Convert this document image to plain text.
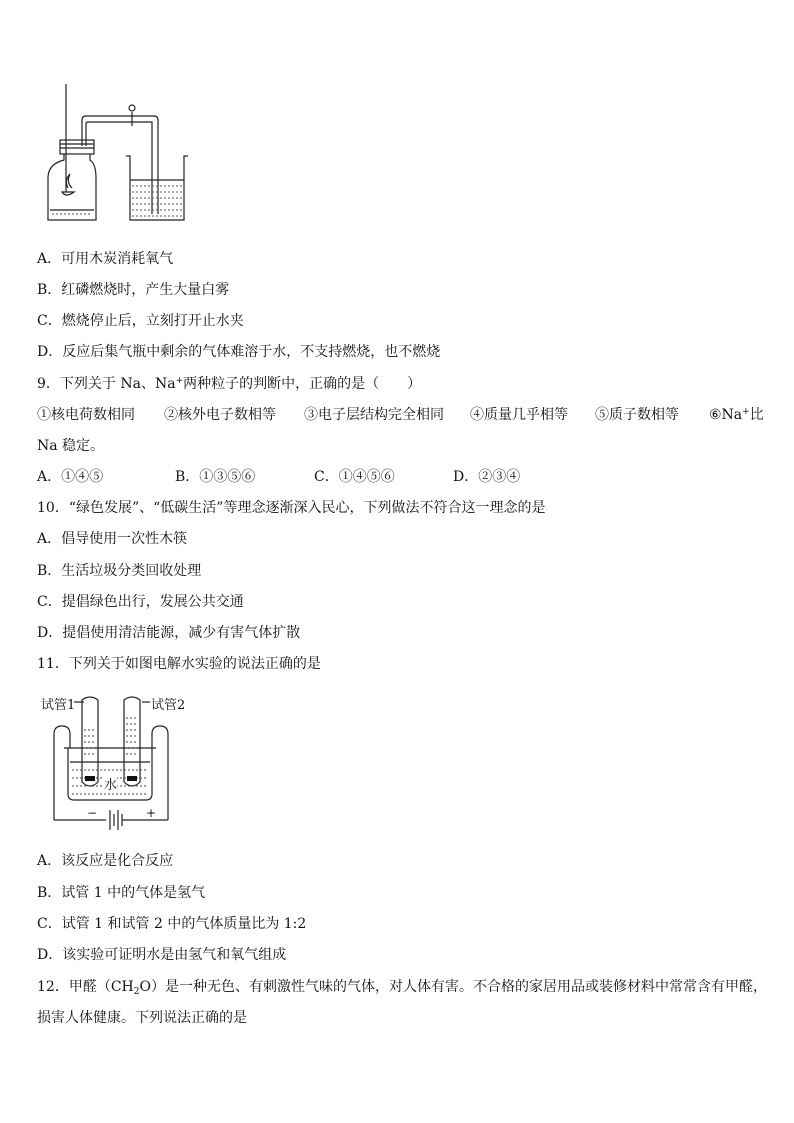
A．可用木炭消耗氧气
B．红磷燃烧时，产生大量白雾
C．燃烧停止后，立刻打开止水夹
D．反应后集气瓶中剩余的气体难溶于水，不支持燃烧，也不燃烧
9．下列关于 Na、Na+两种粒子的判断中，正确的是（　　）
①核电荷数相同	②核外电子数相等	③电子层结构完全相同	④质量几乎相等	⑤质子数相等	⑥Na+比
Na 稳定。
A．①④⑤	B．①③⑤⑥	C．①④⑤⑥	D．②③④
10．“绿色发展”、“低碳生活”等理念逐渐深入民心，下列做法不符合这一理念的是
A．倡导使用一次性木筷
B．生活垃圾分类回收处理
C．提倡绿色出行，发展公共交通
D．提倡使用清洁能源，减少有害气体扩散
11．下列关于如图电解水实验的说法正确的是
试管1	试管2
水
−	+
A．该反应是化合反应
B．试管 1 中的气体是氢气
C．试管 1 和试管 2 中的气体质量比为 1:2
D．该实验可证明水是由氢气和氧气组成
12．甲醛$(CH_2O)$是一种无色、有刺激性气味的气体，对人体有害。不合格的家居用品或装修材料中常常含有甲醛，
损害人体健康。下列说法正确的是
